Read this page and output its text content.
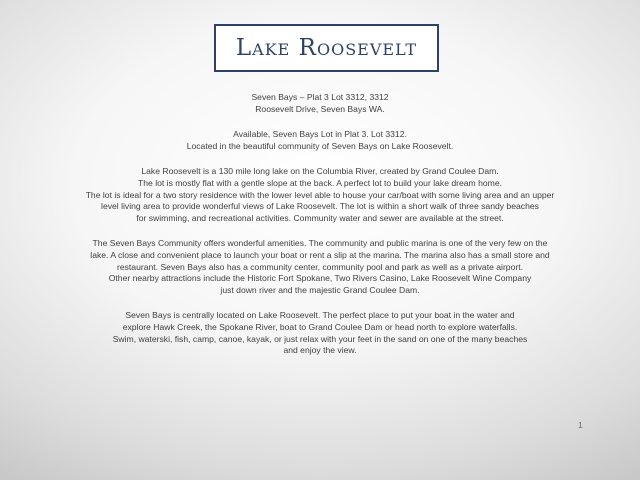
Lake Roosevelt
Seven Bays – Plat 3 Lot 3312, 3312
Roosevelt Drive, Seven Bays WA.
Available, Seven Bays Lot in Plat 3. Lot 3312.
Located in the beautiful community of Seven Bays on Lake Roosevelt.
Lake Roosevelt is a 130 mile long lake on the Columbia River, created by Grand Coulee Dam.
The lot is mostly flat with a gentle slope at the back. A perfect lot to build your lake dream home.
The lot is ideal for a two story residence with the lower level able to house your car/boat with some living area and an upper
level living area to provide wonderful views of Lake Roosevelt. The lot is within a short walk of three sandy beaches
for swimming, and recreational activities. Community water and sewer are available at the street.
The Seven Bays Community offers wonderful amenities. The community and public marina is one of the very few on the
lake. A close and convenient place to launch your boat or rent a slip at the marina. The marina also has a small store and
restaurant. Seven Bays also has a community center, community pool and park as well as a private airport.
Other nearby attractions include the Historic Fort Spokane, Two Rivers Casino, Lake Roosevelt Wine Company
just down river and the majestic Grand Coulee Dam.
Seven Bays is centrally located on Lake Roosevelt. The perfect place to put your boat in the water and
explore Hawk Creek, the Spokane River, boat to Grand Coulee Dam or head north to explore waterfalls.
Swim, waterski, fish, camp, canoe, kayak, or just relax with your feet in the sand on one of the many beaches
and enjoy the view.
1
